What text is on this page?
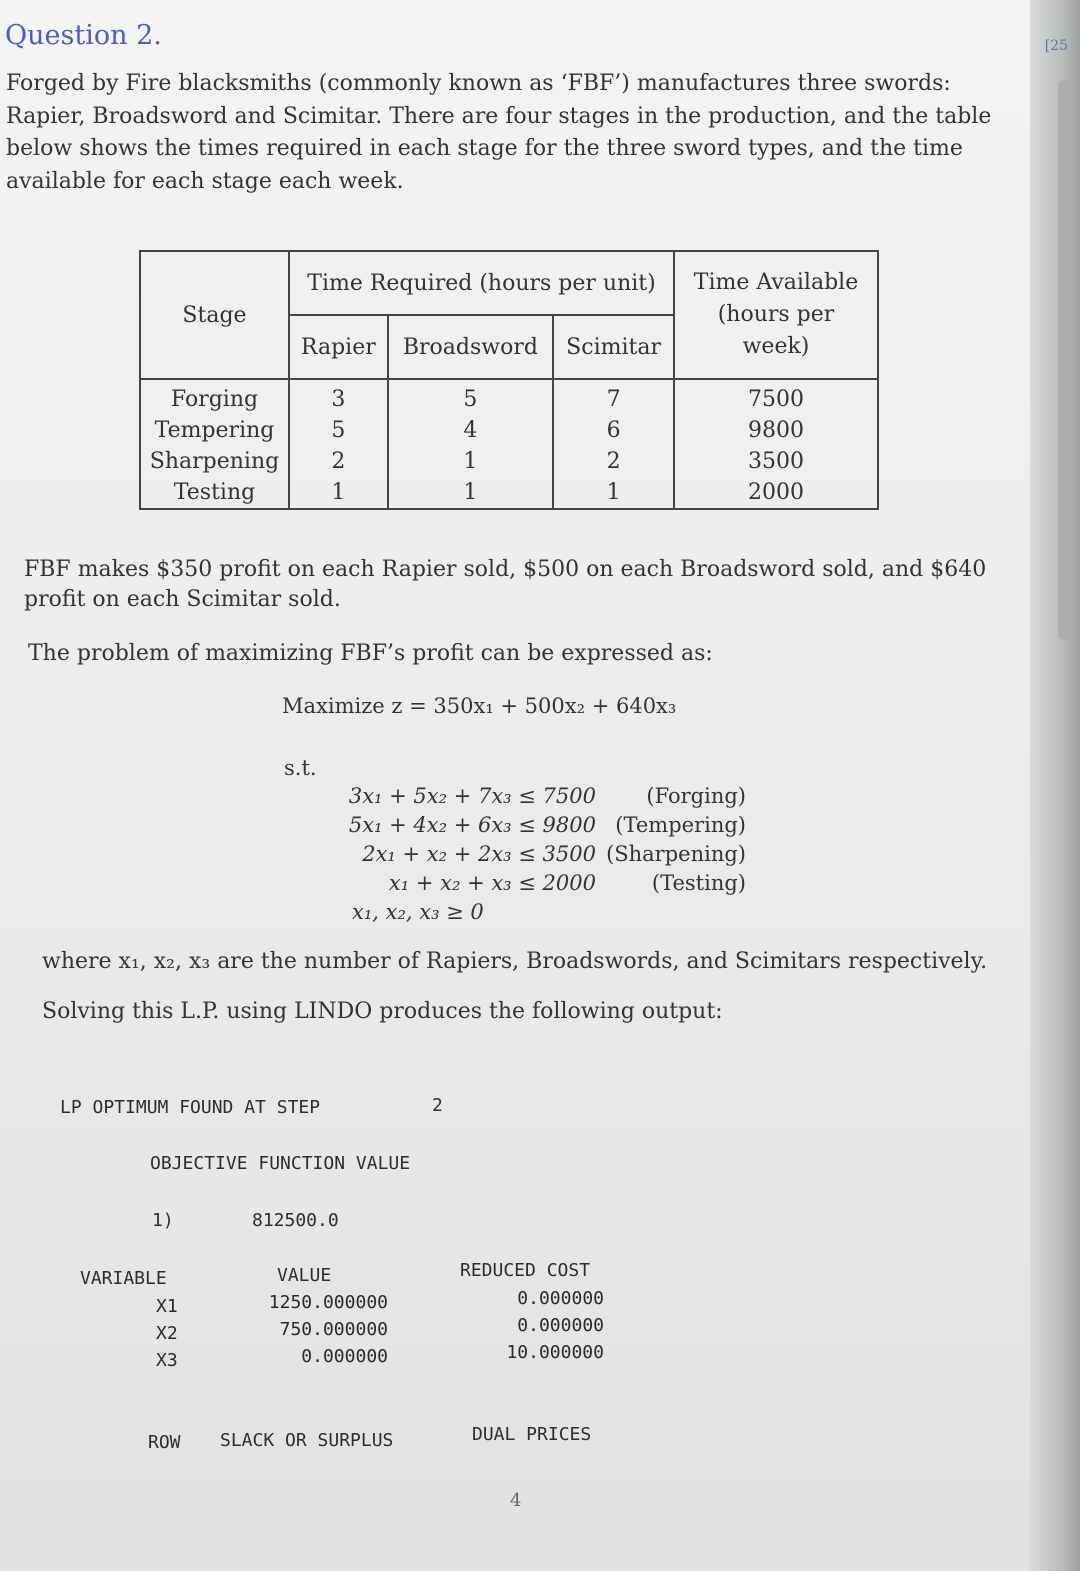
Question 2.
Forged by Fire blacksmiths (commonly known as ‘FBF’) manufactures three swords: Rapier, Broadsword and Scimitar. There are four stages in the production, and the table below shows the times required in each stage for the three sword types, and the time available for each stage each week.
Stage	Time Required (hours per unit)			Time Available (hours per week)
	Rapier	Broadsword	Scimitar	
Forging	3	5	7	7500
Tempering	5	4	6	9800
Sharpening	2	1	2	3500
Testing	1	1	1	2000
FBF makes $350 profit on each Rapier sold, $500 on each Broadsword sold, and $640 profit on each Scimitar sold.
The problem of maximizing FBF’s profit can be expressed as:
Maximize z = 350x₁ + 500x₂ + 640x₃
s.t.
3x₁ + 5x₂ + 7x₃ ≤ 7500	(Forging)
5x₁ + 4x₂ + 6x₃ ≤ 9800 (Tempering)
2x₁ + x₂ + 2x₃ ≤ 3500 (Sharpening)
x₁ + x₂ + x₃ ≤ 2000	(Testing)
x₁, x₂, x₃ ≥ 0
where x₁, x₂, x₃ are the number of Rapiers, Broadswords, and Scimitars respectively.
Solving this L.P. using LINDO produces the following output:
LP OPTIMUM FOUND AT STEP	2
OBJECTIVE FUNCTION VALUE
1)	812500.0
VARIABLE	VALUE	REDUCED COST
X1	1250.000000	0.000000
X2	750.000000	0.000000
X3	0.000000	10.000000
ROW SLACK OR SURPLUS	DUAL PRICES
4
[25
